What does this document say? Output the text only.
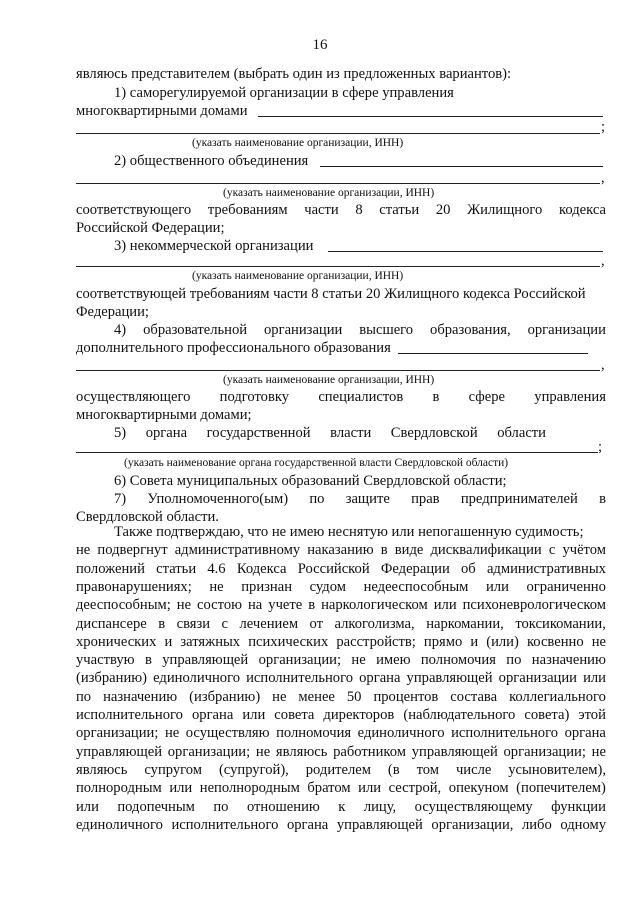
16
являюсь представителем (выбрать один из предложенных вариантов):
1) саморегулируемой организации в сфере управления
многоквартирными домами
;
(указать наименование организации, ИНН)
2) общественного объединения
,
(указать наименование организации, ИНН)
соответствующего требованиям части 8 статьи 20 Жилищного кодекса
Российской Федерации;
3) некоммерческой организации
,
(указать наименование организации, ИНН)
соответствующей требованиям части 8 статьи 20 Жилищного кодекса Российской
Федерации;
4) образовательной организации высшего образования, организации
дополнительного профессионального образования
,
(указать наименование организации, ИНН)
осуществляющего подготовку специалистов в сфере управления
многоквартирными домами;
5) органа государственной власти Свердловской области
;
(указать наименование органа государственной власти Свердловской области)
6) Совета муниципальных образований Свердловской области;
7) Уполномоченного(ым) по защите прав предпринимателей в
Свердловской области.
Также подтверждаю, что не имею неснятую или непогашенную судимость;
не подвергнут административному наказанию в виде дисквалификации с учётом
положений статьи 4.6 Кодекса Российской Федерации об административных
правонарушениях; не признан судом недееспособным или ограниченно
дееспособным; не состою на учете в наркологическом или психоневрологическом
диспансере в связи с лечением от алкоголизма, наркомании, токсикомании,
хронических и затяжных психических расстройств; прямо и (или) косвенно не
участвую в управляющей организации; не имею полномочия по назначению
(избранию) единоличного исполнительного органа управляющей организации или
по назначению (избранию) не менее 50 процентов состава коллегиального
исполнительного органа или совета директоров (наблюдательного совета) этой
организации; не осуществляю полномочия единоличного исполнительного органа
управляющей организации; не являюсь работником управляющей организации; не
являюсь супругом (супругой), родителем (в том числе усыновителем),
полнородным или неполнородным братом или сестрой, опекуном (попечителем)
или подопечным по отношению к лицу, осуществляющему функции
единоличного исполнительного органа управляющей организации, либо одному
